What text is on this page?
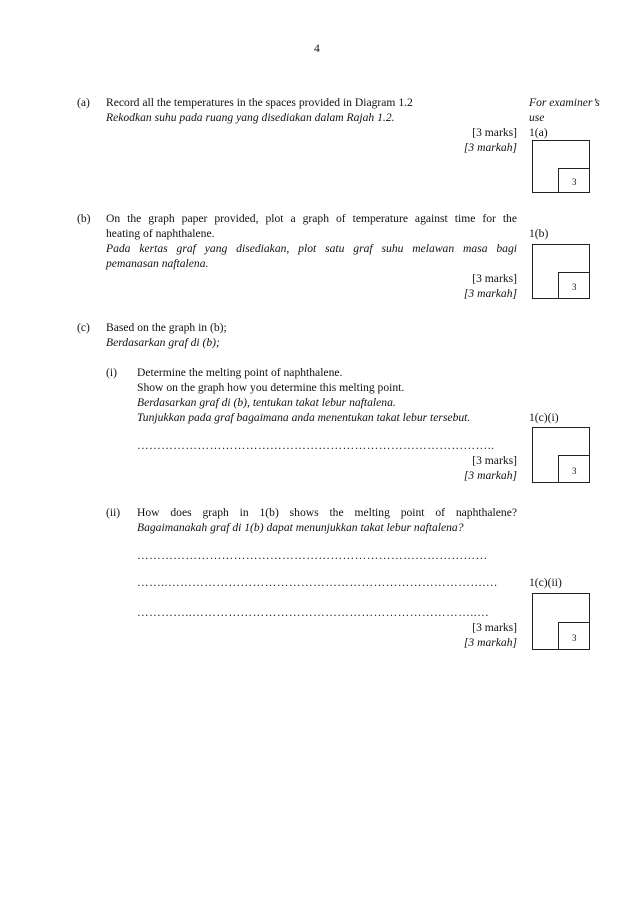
4
(a) Record all the temperatures in the spaces provided in Diagram 1.2
Rekodkan suhu pada ruang yang disediakan dalam Rajah 1.2.
[3 marks]
[3 markah]
For examiner’s
use
1(a)
3
(b) On the graph paper provided, plot a graph of temperature against time for the
heating of naphthalene.
Pada kertas graf yang disediakan, plot satu graf suhu melawan masa bagi
pemanasan naftalena.
[3 marks]
[3 markah]
1(b)
3
(c) Based on the graph in (b);
Berdasarkan graf di (b);
(i) Determine the melting point of naphthalene.
Show on the graph how you determine this melting point.
Berdasarkan graf di (b), tentukan takat lebur naftalena.
Tunjukkan pada graf bagaimana anda menentukan takat lebur tersebut.	1(c)(i)
……………………………………………………………………………..
[3 marks]
[3 markah]	3
(ii) How does graph in 1(b) shows the melting point of naphthalene?
Bagaimanakah graf di 1(b) dapat menunjukkan takat lebur naftalena?
……………………………………………………………………………
……..…………………………………………………………………….…	1(c)(ii)
…………..……………………………………………………………..…
[3 marks]
[3 markah]	3
